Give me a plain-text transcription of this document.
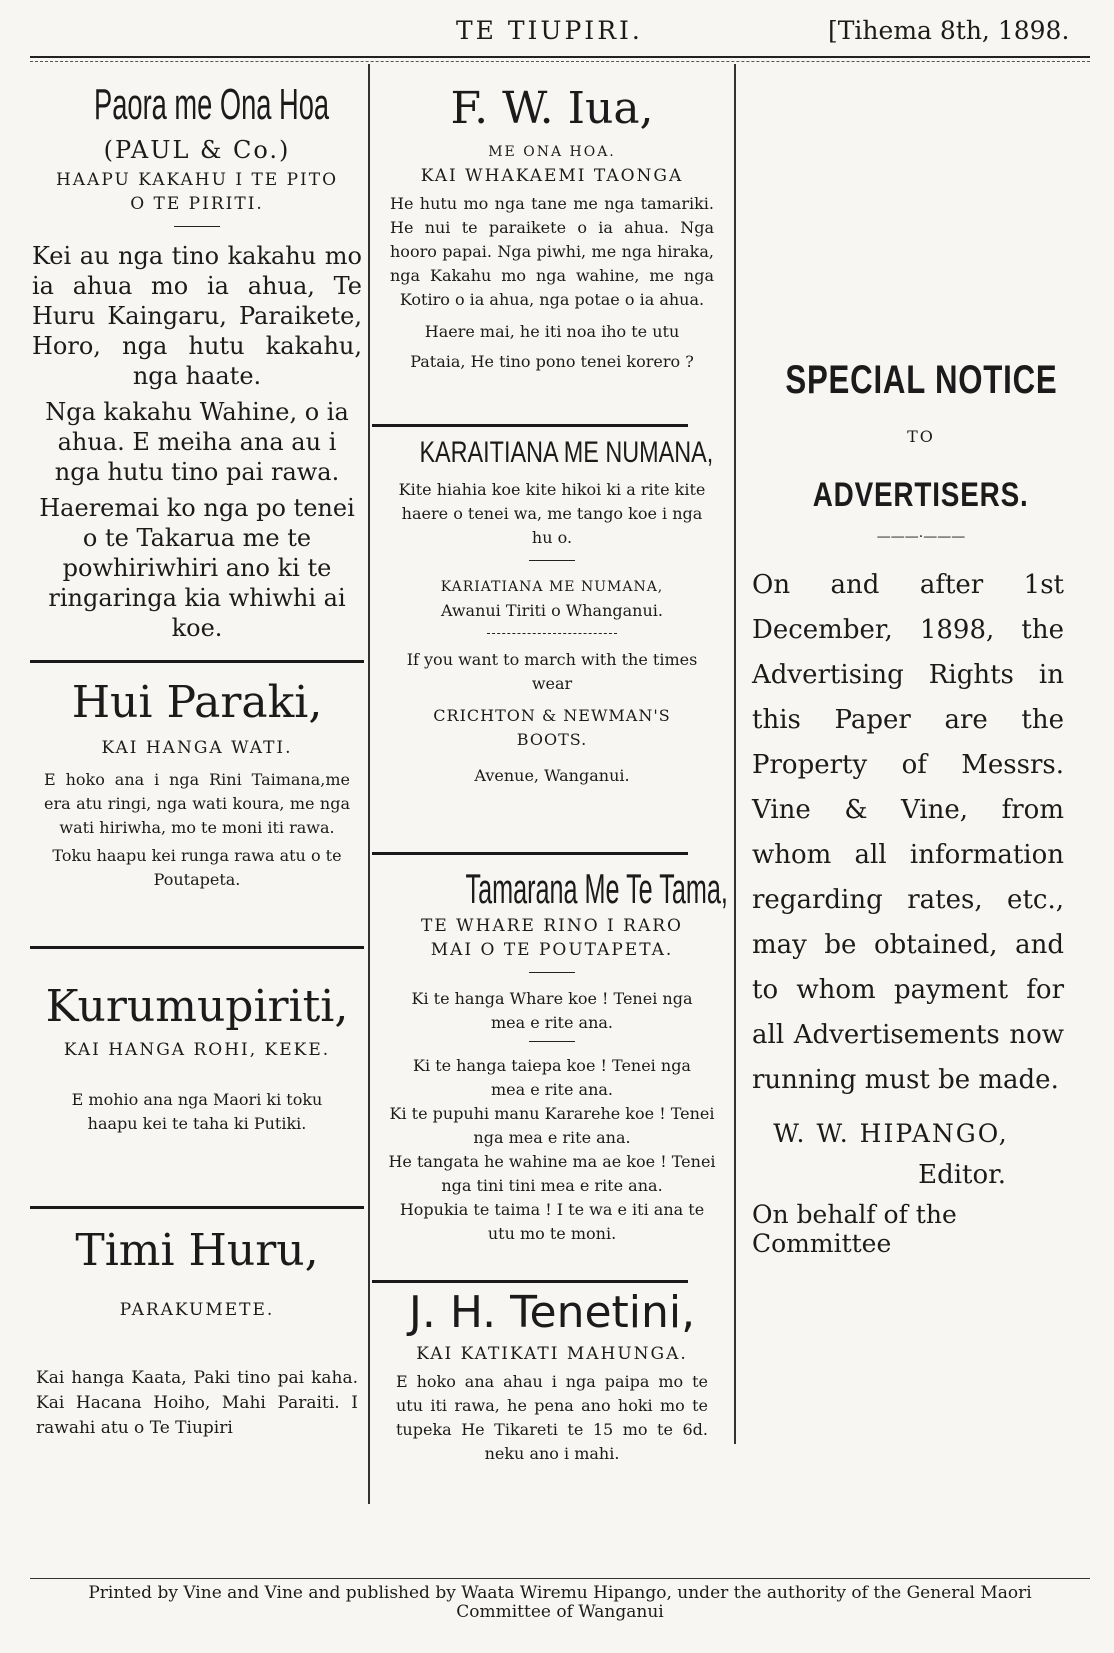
TE TIUPIRI.	[Tihema 8th, 1898.
Paora me Ona Hoa
(PAUL & Co.)
HAAPU KAKAHU I TE PITO
O TE PIRITI.
Kei au nga tino kakahu mo ia ahua mo ia ahua, Te Huru Kaingaru, Paraikete, Horo, nga hutu kakahu, nga haate.
Nga kakahu Wahine, o ia ahua. E meiha ana au i nga hutu tino pai rawa.
Haeremai ko nga po tenei o te Takarua me te powhiriwhiri ano ki te ringaringa kia whiwhi ai koe.
Hui Paraki,
KAI HANGA WATI.
E hoko ana i nga Rini Taimana,me era atu ringi, nga wati koura, me nga wati hiriwha, mo te moni iti rawa.
Toku haapu kei runga rawa atu o te Poutapeta.
Kurumupiriti,
KAI HANGA ROHI, KEKE.
E mohio ana nga Maori ki toku haapu kei te taha ki Putiki.
Timi Huru,
PARAKUMETE.
Kai hanga Kaata, Paki tino pai kaha. Kai Hacana Hoiho, Mahi Paraiti. I rawahi atu o Te Tiupiri
F. W. Iua,
ME ONA HOA.
KAI WHAKAEMI TAONGA
He hutu mo nga tane me nga tamariki. He nui te paraikete o ia ahua. Nga hooro papai. Nga piwhi, me nga hiraka, nga Kakahu mo nga wahine, me nga Kotiro o ia ahua, nga potae o ia ahua.
Haere mai, he iti noa iho te utu
Pataia, He tino pono tenei korero ?
KARAITIANA ME NUMANA,
Kite hiahia koe kite hikoi ki a rite kite haere o tenei wa, me tango koe i nga hu o.
KARIATIANA ME NUMANA,
Awanui Tiriti o Whanganui.
If you want to march with the times wear
CRICHTON & NEWMAN'S
BOOTS.
Avenue, Wanganui.
Tamarana Me Te Tama,
TE WHARE RINO I RARO
MAI O TE POUTAPETA.
Ki te hanga Whare koe ! Tenei nga mea e rite ana.
Ki te hanga taiepa koe ! Tenei nga mea e rite ana.
Ki te pupuhi manu Kararehe koe ! Tenei nga mea e rite ana.
He tangata he wahine ma ae koe ! Tenei nga tini tini mea e rite ana.
Hopukia te taima ! I te wa e iti ana te utu mo te moni.
J. H. Tenetini,
KAI KATIKATI MAHUNGA.
E hoko ana ahau i nga paipa mo te utu iti rawa, he pena ano hoki mo te tupeka He Tikareti te 15 mo te 6d. neku ano i mahi.
SPECIAL NOTICE
TO
ADVERTISERS.
———·———
On and after 1st December, 1898, the Advertising Rights in this Paper are the Property of Messrs. Vine & Vine, from whom all information regarding rates, etc., may be obtained, and to whom payment for all Advertisements now running must be made.
W. W. HIPANGO,
Editor.
On behalf of the Committee
Printed by Vine and Vine and published by Waata Wiremu Hipango, under the authority of the General Maori
Committee of Wanganui
